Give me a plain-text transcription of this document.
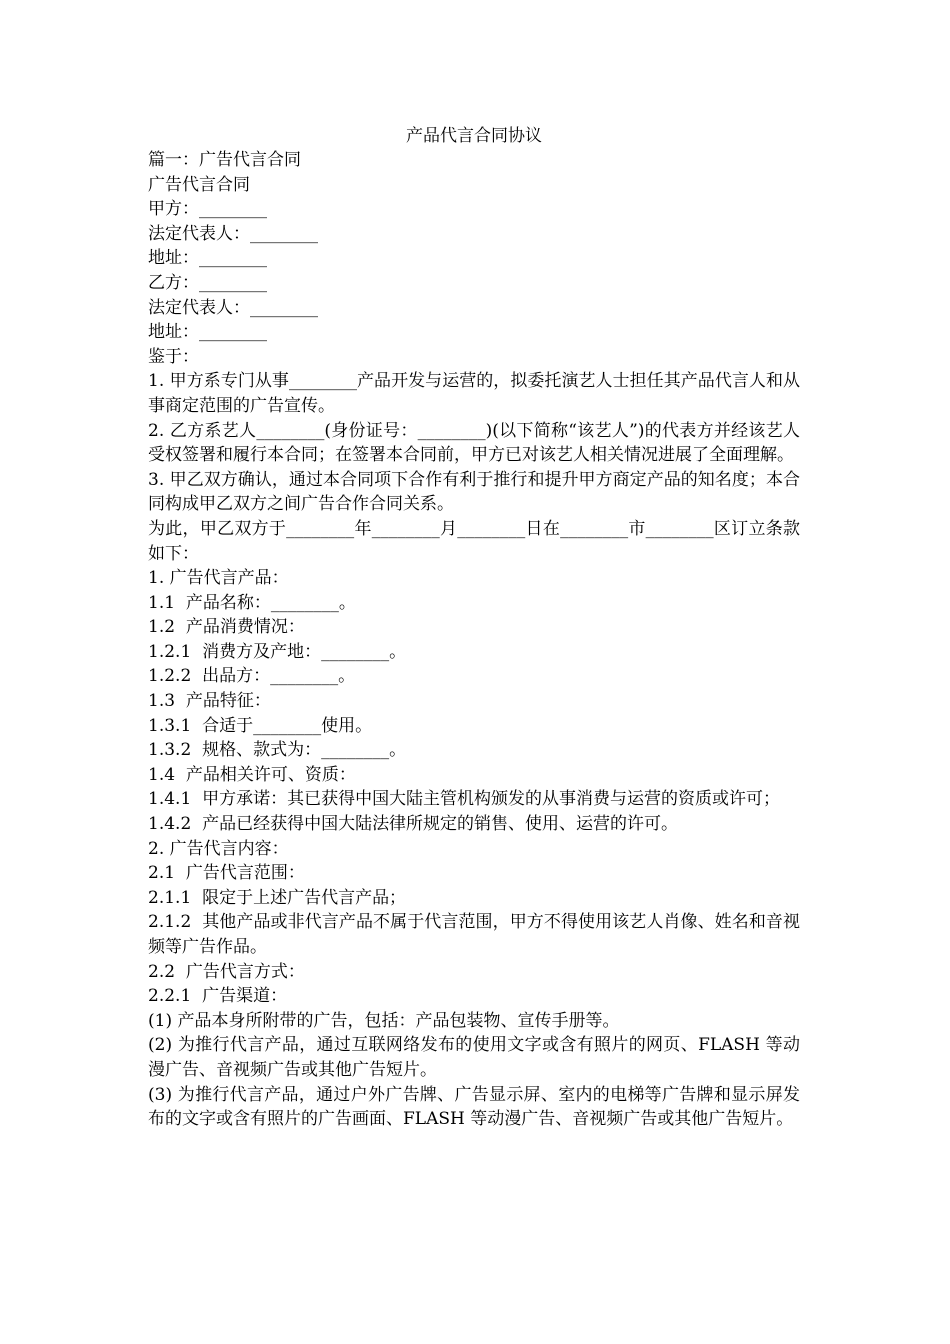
产品代言合同协议

篇一：广告代言合同

广告代言合同

甲方：________

法定代表人：________

地址：________

乙方：________

法定代表人：________

地址：________

鉴于：

1. 甲方系专门从事________产品开发与运营的，拟委托演艺人士担任其产品代言人和从事商定范围的广告宣传。

2. 乙方系艺人________(身份证号：________)(以下简称“该艺人”)的代表方并经该艺人受权签署和履行本合同；在签署本合同前，甲方已对该艺人相关情况进展了全面理解。

3. 甲乙双方确认，通过本合同项下合作有利于推行和提升甲方商定产品的知名度；本合同构成甲乙双方之间广告合作合同关系。

为此，甲乙双方于________年________月________日在________市________区订立条款如下：

1. 广告代言产品：

1.1  产品名称：________。

1.2  产品消费情况：

1.2.1  消费方及产地：________。

1.2.2  出品方：________。

1.3  产品特征：

1.3.1  合适于________使用。

1.3.2  规格、款式为：________。

1.4  产品相关许可、资质：

1.4.1  甲方承诺：其已获得中国大陆主管机构颁发的从事消费与运营的资质或许可；

1.4.2  产品已经获得中国大陆法律所规定的销售、使用、运营的许可。

2. 广告代言内容：

2.1  广告代言范围：

2.1.1  限定于上述广告代言产品；

2.1.2  其他产品或非代言产品不属于代言范围，甲方不得使用该艺人肖像、姓名和音视频等广告作品。

2.2  广告代言方式：

2.2.1  广告渠道：

(1) 产品本身所附带的广告，包括：产品包装物、宣传手册等。

(2) 为推行代言产品，通过互联网络发布的使用文字或含有照片的网页、FLASH 等动漫广告、音视频广告或其他广告短片。

(3) 为推行代言产品，通过户外广告牌、广告显示屏、室内的电梯等广告牌和显示屏发布的文字或含有照片的广告画面、FLASH 等动漫广告、音视频广告或其他广告短片。
